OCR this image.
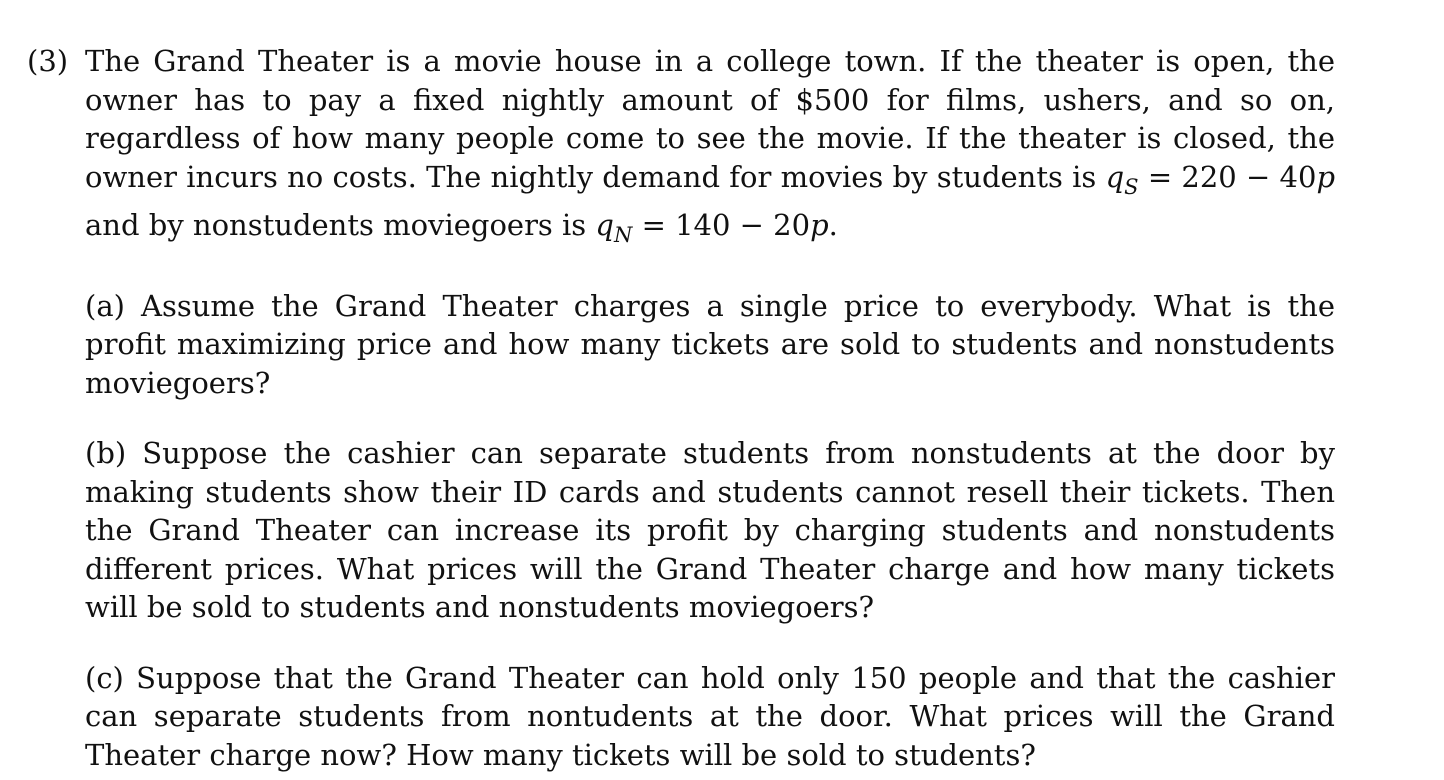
(3) The Grand Theater is a movie house in a college town. If the theater is open, the owner has to pay a fixed nightly amount of $500 for films, ushers, and so on, regardless of how many people come to see the movie. If the theater is closed, the owner incurs no costs. The nightly demand for movies by students is $q_S = 220 - 40p$ and by nonstudents moviegoers is $q_N = 140 - 20p$.

(a) Assume the Grand Theater charges a single price to everybody. What is the profit maximizing price and how many tickets are sold to students and nonstudents moviegoers?

(b) Suppose the cashier can separate students from nonstudents at the door by making students show their ID cards and students cannot resell their tickets. Then the Grand Theater can increase its profit by charging students and nonstudents different prices. What prices will the Grand Theater charge and how many tickets will be sold to students and nonstudents moviegoers?

(c) Suppose that the Grand Theater can hold only 150 people and that the cashier can separate students from nontudents at the door. What prices will the Grand Theater charge now? How many tickets will be sold to students?
